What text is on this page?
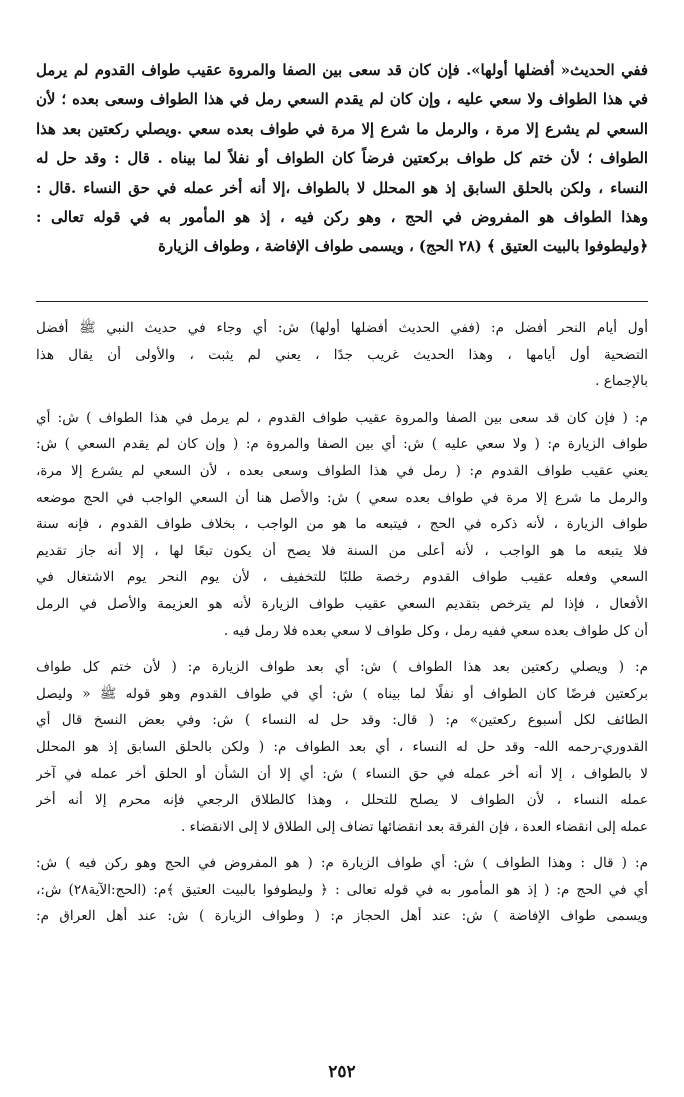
ففي الحديث« أفضلها أولها». فإن كان قد سعى بين الصفا والمروة عقيب طواف القدوم لم يرمل
في هذا الطواف ولا سعي عليه ، وإن كان لم يقدم السعي رمل في هذا الطواف وسعى بعده ؛ لأن
السعي لم يشرع إلا مرة ، والرمل ما شرع إلا مرة في طواف بعده سعي .ويصلي ركعتين بعد هذا
الطواف ؛ لأن ختم كل طواف بركعتين فرضاً كان الطواف أو نفلاً لما بيناه . قال : وقد حل له
النساء ، ولكن بالحلق السابق إذ هو المحلل لا بالطواف ،إلا أنه أخر عمله في حق النساء .قال :
وهذا الطواف هو المفروض في الحج ، وهو ركن فيه ، إذ هو المأمور به في قوله تعالى :
﴿وليطوفوا بالبيت العتيق ﴾ (٢٨ الحج) ، ويسمى طواف الإفاضة ، وطواف الزيارة
أول أيام النحر أفضل م: (ففي الحديث أفضلها أولها) ش: أي وجاء في حديث النبي ﷺ أفضل
التضحية أول أيامها ، وهذا الحديث غريب جدًا ، يعني لم يثبت ، والأولى أن يقال هذا
بالإجماع .
م: ( فإن كان قد سعى بين الصفا والمروة عقيب طواف القدوم ، لم يرمل في هذا الطواف ) ش: أي
طواف الزيارة م: ( ولا سعي عليه ) ش: أي بين الصفا والمروة م: ( وإن كان لم يقدم السعي ) ش:
يعني عقيب طواف القدوم م: ( رمل في هذا الطواف وسعى بعده ، لأن السعي لم يشرع إلا مرة،
والرمل ما شرع إلا مرة في طواف بعده سعي ) ش: والأصل هنا أن السعي الواجب في الحج موضعه
طواف الزيارة ، لأنه ذكره في الحج ، فيتبعه ما هو من الواجب ، بخلاف طواف القدوم ، فإنه سنة
فلا يتبعه ما هو الواجب ، لأنه أعلى من السنة فلا يصح أن يكون تبعًا لها ، إلا أنه جاز تقديم
السعي وفعله عقيب طواف القدوم رخصة طلبًا للتخفيف ، لأن يوم النحر يوم الاشتغال في
الأفعال ، فإذا لم يترخص بتقديم السعي عقيب طواف الزيارة لأنه هو العزيمة والأصل في الرمل
أن كل طواف بعده سعي ففيه رمل ، وكل طواف لا سعي بعده فلا رمل فيه .
م: ( ويصلي ركعتين بعد هذا الطواف ) ش: أي بعد طواف الزيارة م: ( لأن ختم كل طواف
بركعتين فرضًا كان الطواف أو نفلًا لما بيناه ) ش: أي في طواف القدوم وهو قوله ﷺ « وليصل
الطائف لكل أسبوع ركعتين» م: ( قال: وقد حل له النساء ) ش: وفي بعض النسخ قال أي
القدوري-رحمه الله- وقد حل له النساء ، أي بعد الطواف م: ( ولكن بالحلق السابق إذ هو المحلل
لا بالطواف ، إلا أنه أخر عمله في حق النساء ) ش: أي إلا أن الشأن أو الحلق أخر عمله في آخر
عمله النساء ، لأن الطواف لا يصلح للتحلل ، وهذا كالطلاق الرجعي فإنه محرم إلا أنه أخر
عمله إلى انقضاء العدة ، فإن الفرقة بعد انقضائها تضاف إلى الطلاق لا إلى الانقضاء .
م: ( قال : وهذا الطواف ) ش: أي طواف الزيارة م: ( هو المفروض في الحج وهو ركن فيه ) ش:
أي في الحج م: ( إذ هو المأمور به في قوله تعالى : ﴿ وليطوفوا بالبيت العتيق ﴾م: (الحج:الآية٢٨) ش:،
ويسمى طواف الإفاضة ) ش: عند أهل الحجاز م: ( وطواف الزيارة ) ش: عند أهل العراق م:
٢٥٢
